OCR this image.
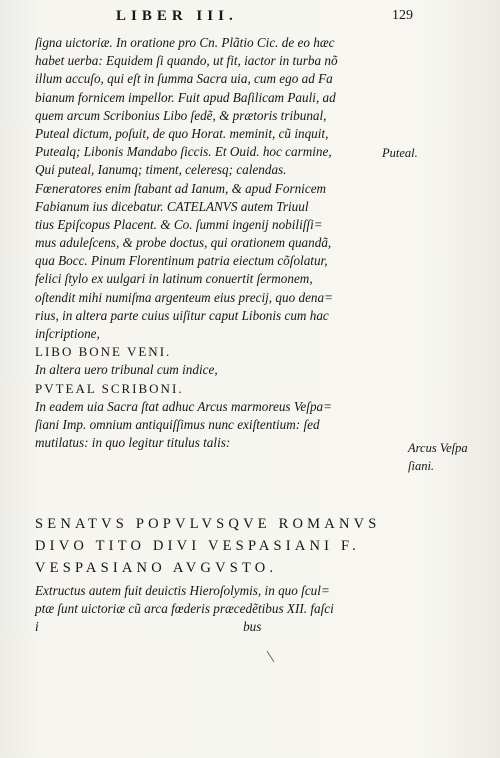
LIBER III.	129
ſigna uictoriæ. In oratione pro Cn. Plãtio Cic. de eo hæc
habet uerba: Equidem ſi quando, ut fit, iactor in turba nõ
illum accuſo, qui eſt in ſumma Sacra uia, cum ego ad Fa
bianum fornicem impellor. Fuit apud Baſilicam Pauli, ad
quem arcum Scribonius Libo ſedẽ, & prætoris tribunal,
Puteal dictum, poſuit, de quo Horat. meminit, cũ inquit,
Putealq; Libonis Mandabo ſiccis. Et Ouid. hoc carmine,
Qui puteal, Ianumq; timent, celeresq; calendas.
Fœneratores enim ſtabant ad Ianum, & apud Fornicem
Fabianum ius dicebatur. CATELANVS autem Triuul
tius Epiſcopus Placent. & Co. ſummi ingenij nobiliſſi=
mus aduleſcens, & probe doctus, qui orationem quandã,
qua Bocc. Pinum Florentinum patria eiectum cõſolatur,
felici ſtylo ex uulgari in latinum conuertit ſermonem,
oſtendit mihi numiſma argenteum eius precij, quo dena=
rius, in altera parte cuius uiſitur caput Libonis cum hac
inſcriptione,
LIBO BONE VENI.
In altera uero tribunal cum indice,
PVTEAL SCRIBONI.
In eadem uia Sacra ſtat adhuc Arcus marmoreus Veſpa=
ſiani Imp. omnium antiquiſſimus nunc exiſtentium: ſed
mutilatus: in quo legitur titulus talis:
SENATVS POPVLVSQVE ROMANVS
DIVO TITO DIVI VESPASIANI F.
VESPASIANO AVGVSTO.
Extructus autem fuit deuictis Hieroſolymis, in quo ſcul=
ptæ ſunt uictoriæ cũ arca fœderis præcedẽtibus XII. faſci
i                                                              bus
Puteal.
Arcus Veſpa
ſiani.
